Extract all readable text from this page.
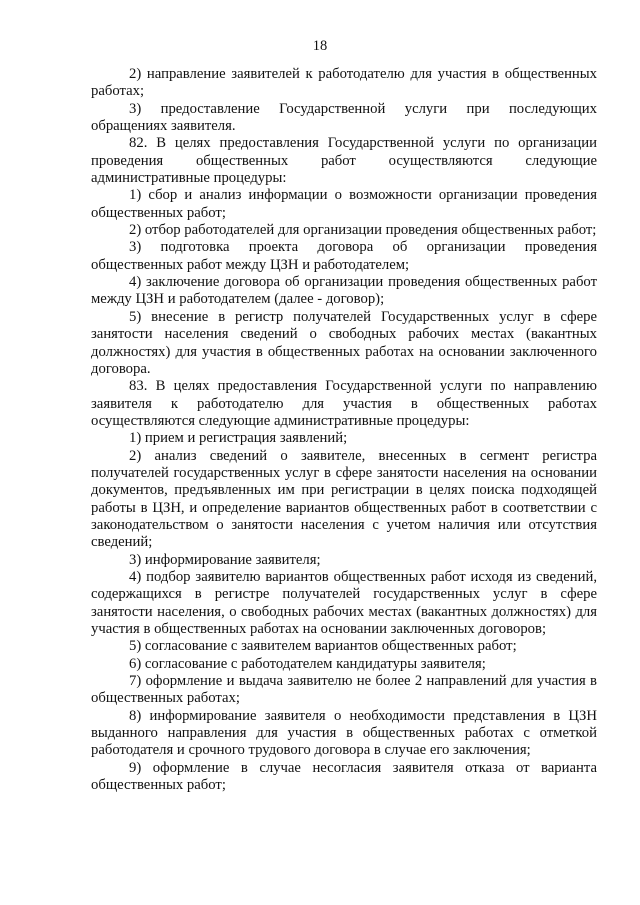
18

2) направление заявителей к работодателю для участия в общественных работах;

3) предоставление Государственной услуги при последующих обращениях заявителя.

82. В целях предоставления Государственной услуги по организации проведения общественных работ осуществляются следующие административные процедуры:

1) сбор и анализ информации о возможности организации проведения общественных работ;

2) отбор работодателей для организации проведения общественных работ;

3) подготовка проекта договора об организации проведения общественных работ между ЦЗН и работодателем;

4) заключение договора об организации проведения общественных работ между ЦЗН и работодателем (далее - договор);

5) внесение в регистр получателей Государственных услуг в сфере занятости населения сведений о свободных рабочих местах (вакантных должностях) для участия в общественных работах на основании заключенного договора.

83. В целях предоставления Государственной услуги по направлению заявителя к работодателю для участия в общественных работах осуществляются следующие административные процедуры:

1) прием и регистрация заявлений;

2) анализ сведений о заявителе, внесенных в сегмент регистра получателей государственных услуг в сфере занятости населения на основании документов, предъявленных им при регистрации в целях поиска подходящей работы в ЦЗН, и определение вариантов общественных работ в соответствии с законодательством о занятости населения с учетом наличия или отсутствия сведений;

3) информирование заявителя;

4) подбор заявителю вариантов общественных работ исходя из сведений, содержащихся в регистре получателей государственных услуг в сфере занятости населения, о свободных рабочих местах (вакантных должностях) для участия в общественных работах на основании заключенных договоров;

5) согласование с заявителем вариантов общественных работ;

6) согласование с работодателем кандидатуры заявителя;

7) оформление и выдача заявителю не более 2 направлений для участия в общественных работах;

8) информирование заявителя о необходимости представления в ЦЗН выданного направления для участия в общественных работах с отметкой работодателя и срочного трудового договора в случае его заключения;

9) оформление в случае несогласия заявителя отказа от варианта общественных работ;
